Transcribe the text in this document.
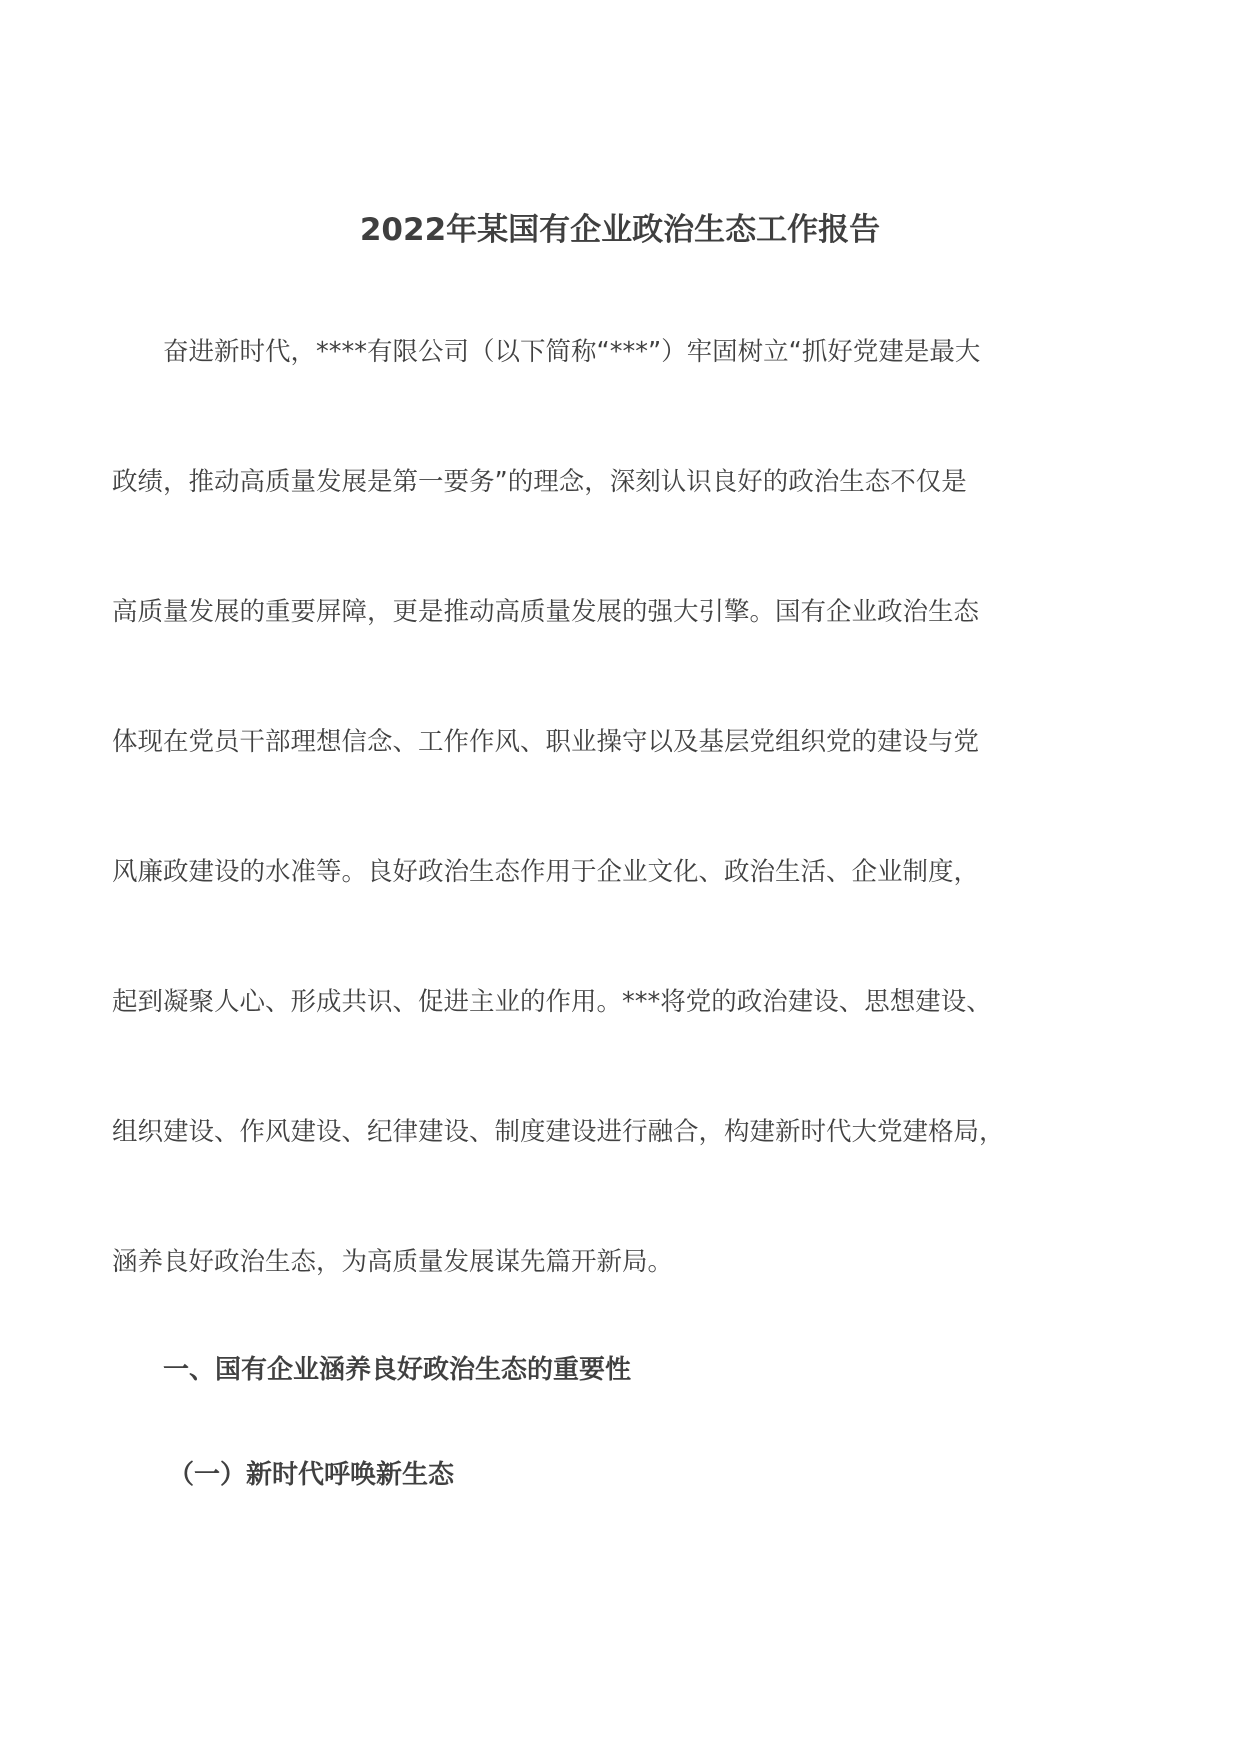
2022年某国有企业政治生态工作报告
奋进新时代，****有限公司（以下简称“***”）牢固树立“抓好党建是最大
政绩，推动高质量发展是第一要务”的理念，深刻认识良好的政治生态不仅是
高质量发展的重要屏障，更是推动高质量发展的强大引擎。国有企业政治生态
体现在党员干部理想信念、工作作风、职业操守以及基层党组织党的建设与党
风廉政建设的水准等。良好政治生态作用于企业文化、政治生活、企业制度，
起到凝聚人心、形成共识、促进主业的作用。***将党的政治建设、思想建设、
组织建设、作风建设、纪律建设、制度建设进行融合，构建新时代大党建格局，
涵养良好政治生态，为高质量发展谋先篇开新局。
一、国有企业涵养良好政治生态的重要性
（一）新时代呼唤新生态
